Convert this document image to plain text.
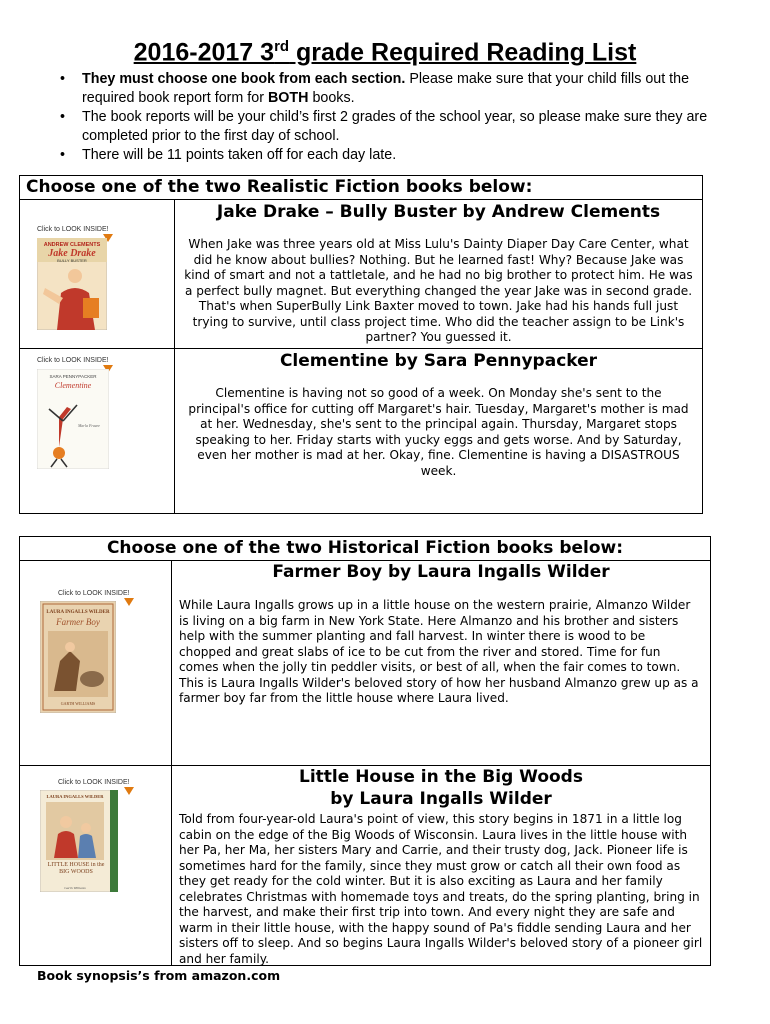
2016-2017 3rd grade Required Reading List
• They must choose one book from each section. Please make sure that your child fills out the required book report form for BOTH books.
• The book reports will be your child’s first 2 grades of the school year, so please make sure they are completed prior to the first day of school.
• There will be 11 points taken off for each day late.
Choose one of the two Realistic Fiction books below:
Click to LOOK INSIDE!
ANDREW CLEMENTS
Jake Drake
BULLY BUSTER
Jake Drake – Bully Buster by Andrew Clements
When Jake was three years old at Miss Lulu's Dainty Diaper Day Care Center, what did he know about bullies? Nothing. But he learned fast! Why? Because Jake was kind of smart and not a tattletale, and he had no big brother to protect him. He was a perfect bully magnet. But everything changed the year Jake was in second grade. That's when SuperBully Link Baxter moved to town. Jake had his hands full just trying to survive, until class project time. Who did the teacher assign to be Link's partner? You guessed it.
Click to LOOK INSIDE!
SARA PENNYPACKER
Clementine
Marla Frazee
Clementine by Sara Pennypacker
Clementine is having not so good of a week. On Monday she's sent to the principal's office for cutting off Margaret's hair. Tuesday, Margaret's mother is mad at her. Wednesday, she's sent to the principal again. Thursday, Margaret stops speaking to her. Friday starts with yucky eggs and gets worse. And by Saturday, even her mother is mad at her. Okay, fine. Clementine is having a DISASTROUS week.
Choose one of the two Historical Fiction books below:
Click to LOOK INSIDE!
LAURA INGALLS WILDER
Farmer Boy
GARTH WILLIAMS
Farmer Boy by Laura Ingalls Wilder
While Laura Ingalls grows up in a little house on the western prairie, Almanzo Wilder is living on a big farm in New York State. Here Almanzo and his brother and sisters help with the summer planting and fall harvest. In winter there is wood to be chopped and great slabs of ice to be cut from the river and stored. Time for fun comes when the jolly tin peddler visits, or best of all, when the fair comes to town. This is Laura Ingalls Wilder's beloved story of how her husband Almanzo grew up as a farmer boy far from the little house where Laura lived.
Click to LOOK INSIDE!
LAURA INGALLS WILDER
LITTLE HOUSE in the BIG WOODS
Garth Williams
Little House in the Big Woods
by Laura Ingalls Wilder
Told from four-year-old Laura's point of view, this story begins in 1871 in a little log cabin on the edge of the Big Woods of Wisconsin. Laura lives in the little house with her Pa, her Ma, her sisters Mary and Carrie, and their trusty dog, Jack. Pioneer life is sometimes hard for the family, since they must grow or catch all their own food as they get ready for the cold winter. But it is also exciting as Laura and her family celebrates Christmas with homemade toys and treats, do the spring planting, bring in the harvest, and make their first trip into town. And every night they are safe and warm in their little house, with the happy sound of Pa's fiddle sending Laura and her sisters off to sleep. And so begins Laura Ingalls Wilder's beloved story of a pioneer girl and her family.
Book synopsis’s from amazon.com
